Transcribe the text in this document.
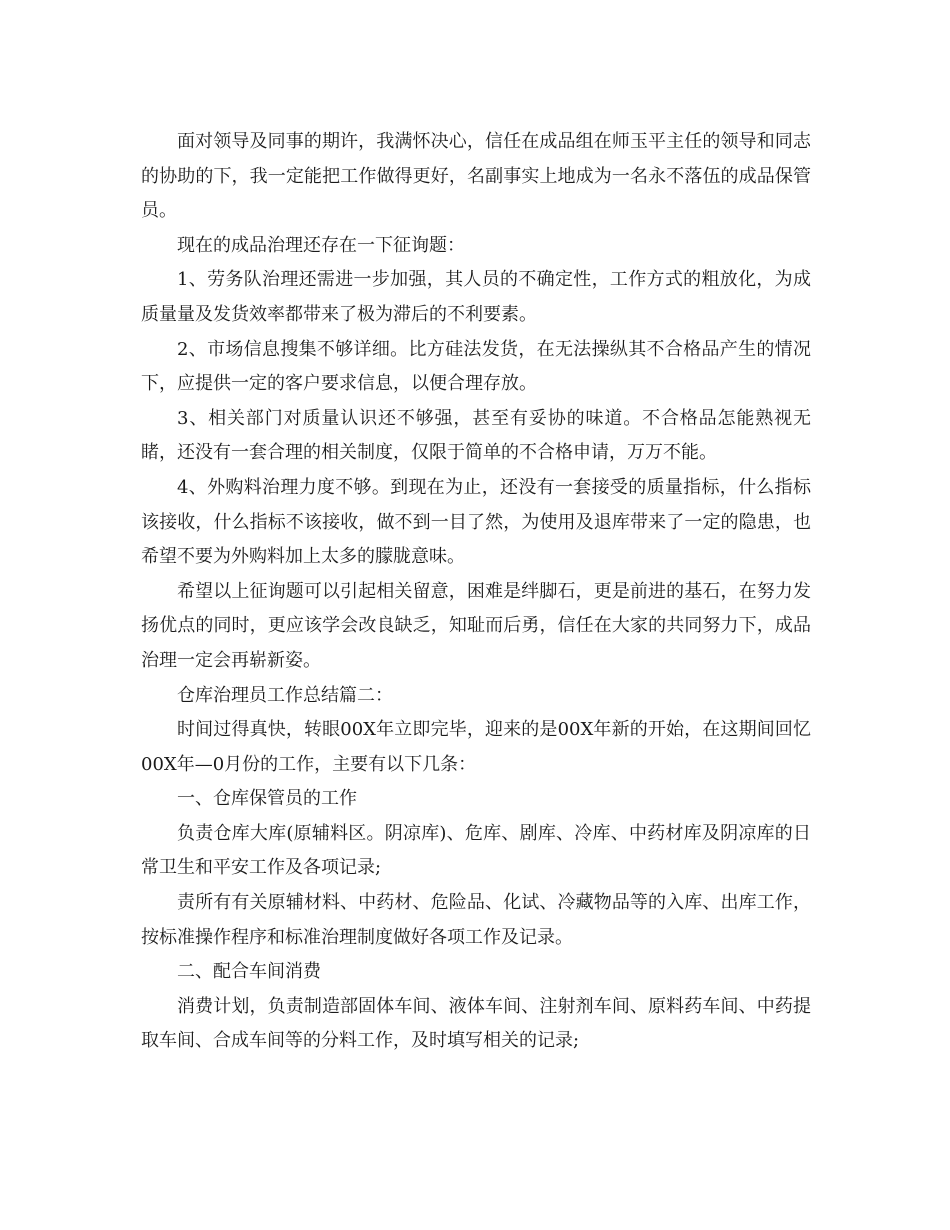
面对领导及同事的期许，我满怀决心，信任在成品组在师玉平主任的领导和同志的协助的下，我一定能把工作做得更好，名副事实上地成为一名永不落伍的成品保管员。

现在的成品治理还存在一下征询题：

1、劳务队治理还需进一步加强，其人员的不确定性，工作方式的粗放化，为成质量量及发货效率都带来了极为滞后的不利要素。

2、市场信息搜集不够详细。比方硅法发货，在无法操纵其不合格品产生的情况下，应提供一定的客户要求信息，以便合理存放。

3、相关部门对质量认识还不够强，甚至有妥协的味道。不合格品怎能熟视无睹，还没有一套合理的相关制度，仅限于简单的不合格申请，万万不能。

4、外购料治理力度不够。到现在为止，还没有一套接受的质量指标，什么指标该接收，什么指标不该接收，做不到一目了然，为使用及退库带来了一定的隐患，也希望不要为外购料加上太多的朦胧意味。

希望以上征询题可以引起相关留意，困难是绊脚石，更是前进的基石，在努力发扬优点的同时，更应该学会改良缺乏，知耻而后勇，信任在大家的共同努力下，成品治理一定会再崭新姿。

仓库治理员工作总结篇二：

时间过得真快，转眼00X年立即完毕，迎来的是00X年新的开始，在这期间回忆00X年—0月份的工作，主要有以下几条：

一、仓库保管员的工作

负责仓库大库(原辅料区。阴凉库)、危库、剧库、冷库、中药材库及阴凉库的日常卫生和平安工作及各项记录;

责所有有关原辅材料、中药材、危险品、化试、冷藏物品等的入库、出库工作，按标准操作程序和标准治理制度做好各项工作及记录。

二、配合车间消费

消费计划，负责制造部固体车间、液体车间、注射剂车间、原料药车间、中药提取车间、合成车间等的分料工作，及时填写相关的记录;
